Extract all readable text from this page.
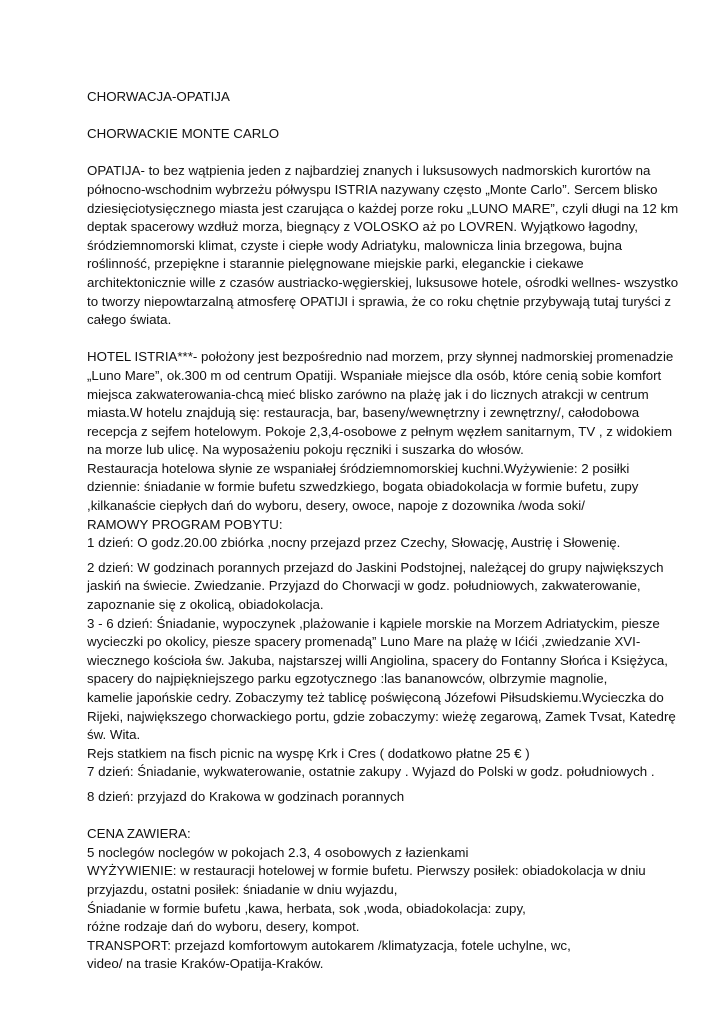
CHORWACJA-OPATIJA
CHORWACKIE MONTE CARLO
OPATIJA- to bez wątpienia jeden z najbardziej znanych i luksusowych nadmorskich kurortów na
północno-wschodnim wybrzeżu półwyspu ISTRIA nazywany często „Monte Carlo”. Sercem blisko
dziesięciotysięcznego miasta jest czarująca o każdej porze roku „LUNO MARE”, czyli długi na 12 km
deptak spacerowy wzdłuż morza, biegnący z VOLOSKO aż po LOVREN. Wyjątkowo łagodny,
śródziemnomorski klimat, czyste i ciepłe wody Adriatyku, malownicza linia brzegowa, bujna
roślinność, przepiękne i starannie pielęgnowane miejskie parki, eleganckie i ciekawe
architektonicznie wille z czasów austriacko-węgierskiej, luksusowe hotele, ośrodki wellnes- wszystko
to tworzy niepowtarzalną atmosferę OPATIJI i sprawia, że co roku chętnie przybywają tutaj turyści z
całego świata.
HOTEL ISTRIA***- położony jest bezpośrednio nad morzem, przy słynnej nadmorskiej promenadzie
„Luno Mare”, ok.300 m od centrum Opatiji. Wspaniałe miejsce dla osób, które cenią sobie komfort
miejsca zakwaterowania-chcą mieć blisko zarówno na plażę jak i do licznych atrakcji w centrum
miasta.W hotelu znajdują się: restauracja, bar, baseny/wewnętrzny i zewnętrzny/, całodobowa
recepcja z sejfem hotelowym. Pokoje 2,3,4-osobowe z pełnym węzłem sanitarnym, TV , z widokiem
na morze lub ulicę. Na wyposażeniu pokoju ręczniki i suszarka do włosów.
Restauracja hotelowa słynie ze wspaniałej śródziemnomorskiej kuchni.Wyżywienie: 2 posiłki
dziennie: śniadanie w formie bufetu szwedzkiego, bogata obiadokolacja w formie bufetu, zupy
,kilkanaście ciepłych dań do wyboru, desery, owoce, napoje z dozownika /woda soki/
RAMOWY PROGRAM POBYTU:
1 dzień: O godz.20.00 zbiórka ,nocny przejazd przez Czechy, Słowację, Austrię i Słowenię.
2 dzień: W godzinach porannych przejazd do Jaskini Podstojnej, należącej do grupy największych
jaskiń na świecie. Zwiedzanie. Przyjazd do Chorwacji w godz. południowych, zakwaterowanie,
zapoznanie się z okolicą, obiadokolacja.
3 - 6 dzień: Śniadanie, wypoczynek ,plażowanie i kąpiele morskie na Morzem Adriatyckim, piesze
wycieczki po okolicy, piesze spacery promenadą” Luno Mare na plażę w Ićići ,zwiedzanie XVI-
wiecznego kościoła św. Jakuba, najstarszej willi Angiolina, spacery do Fontanny Słońca i Księżyca,
spacery do najpiękniejszego parku egzotycznego :las bananowców, olbrzymie magnolie,
kamelie japońskie cedry. Zobaczymy też tablicę poświęconą Józefowi Piłsudskiemu.Wycieczka do
Rijeki, największego chorwackiego portu, gdzie zobaczymy: wieżę zegarową, Zamek Tvsat, Katedrę
św. Wita.
Rejs statkiem na fisch picnic na wyspę Krk i Cres ( dodatkowo płatne 25 € )
7 dzień: Śniadanie, wykwaterowanie, ostatnie zakupy . Wyjazd do Polski w godz. południowych .
8 dzień: przyjazd do Krakowa w godzinach porannych
CENA ZAWIERA:
5 noclegów noclegów w pokojach 2.3, 4 osobowych z łazienkami
WYŻYWIENIE: w restauracji hotelowej w formie bufetu. Pierwszy posiłek: obiadokolacja w dniu
przyjazdu, ostatni posiłek: śniadanie w dniu wyjazdu,
Śniadanie w formie bufetu ,kawa, herbata, sok ,woda, obiadokolacja: zupy,
różne rodzaje dań do wyboru, desery, kompot.
TRANSPORT: przejazd komfortowym autokarem /klimatyzacja, fotele uchylne, wc,
video/ na trasie Kraków-Opatija-Kraków.
